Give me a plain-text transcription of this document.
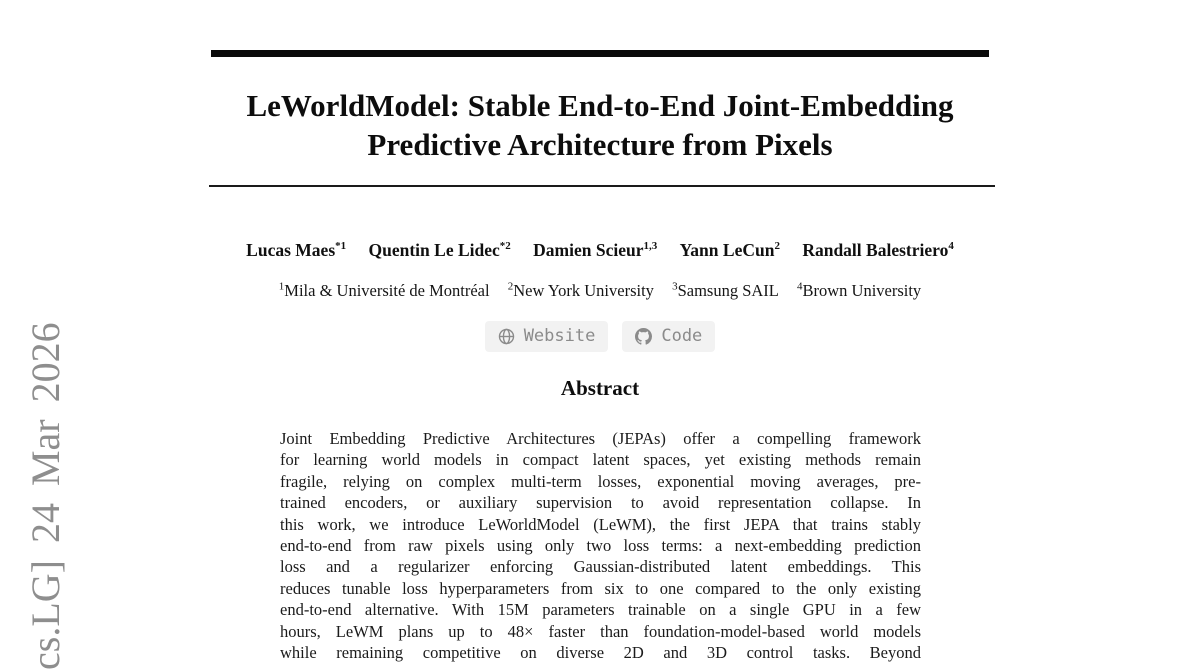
cs.LG] 24 Mar 2026
LeWorldModel: Stable End-to-End Joint-Embedding
Predictive Architecture from Pixels
Lucas Maes$^{*1}$ Quentin Le Lidec$^{*2}$ Damien Scieur$^{1,3}$ Yann LeCun$^2$ Randall Balestriero$^4$
$^1$Mila & Université de Montréal $^2$New York University $^3$Samsung SAIL $^4$Brown University
Website	Code
Abstract
Joint Embedding Predictive Architectures (JEPAs) offer a compelling framework
for learning world models in compact latent spaces, yet existing methods remain
fragile, relying on complex multi-term losses, exponential moving averages, pre-
trained encoders, or auxiliary supervision to avoid representation collapse. In
this work, we introduce LeWorldModel (LeWM), the first JEPA that trains stably
end-to-end from raw pixels using only two loss terms: a next-embedding prediction
loss and a regularizer enforcing Gaussian-distributed latent embeddings. This
reduces tunable loss hyperparameters from six to one compared to the only existing
end-to-end alternative. With 15M parameters trainable on a single GPU in a few
hours, LeWM plans up to 48× faster than foundation-model-based world models
while remaining competitive on diverse 2D and 3D control tasks. Beyond
